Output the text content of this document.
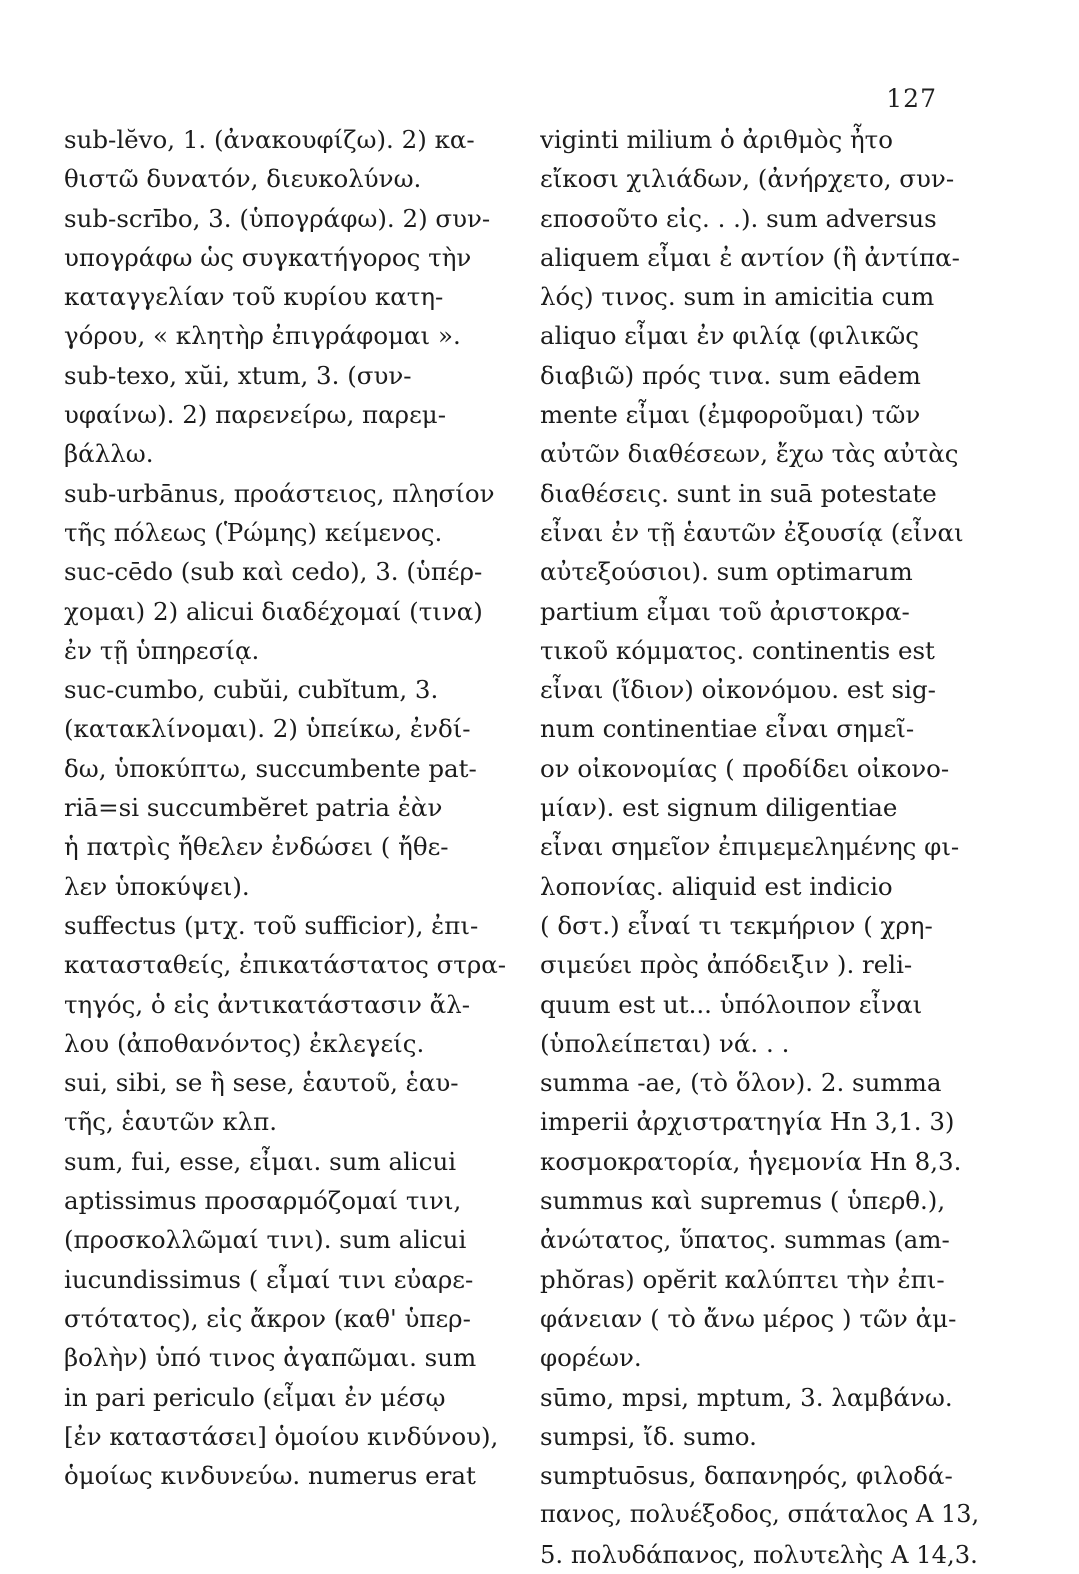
127

sub-lĕvo, 1. (ἀνακουφίζω). 2) κα-

θιστῶ δυνατόν, διευκολύνω.

sub-scrībo, 3. (ὑπογράφω). 2) συν-

υπογράφω ὡς συγκατήγορος τὴν

καταγγελίαν τοῦ κυρίου κατη-

γόρου, « κλητὴρ ἐπιγράφομαι ».

sub-texo, xŭi, xtum, 3. (συν-

υφαίνω). 2) παρενείρω, παρεμ-

βάλλω.

sub-urbānus, προάστειος, πλησίον

τῆς πόλεως (Ῥώμης) κείμενος.

suc-cēdo (sub καὶ cedo), 3. (ὑπέρ-

χομαι) 2) alicui διαδέχομαί (τινα)

ἐν τῇ ὑπηρεσίᾳ.

suc-cumbo, cubŭi, cubĭtum, 3.

(κατακλίνομαι). 2) ὑπείκω, ἐνδί-

δω, ὑποκύπτω, succumbente pat-

riā=si succumbĕret patria ἐὰν

ἡ πατρὶς ἤθελεν ἐνδώσει ( ἤθε-

λεν ὑποκύψει).

suffectus (μτχ. τοῦ sufficior), ἐπι-

κατασταθείς, ἐπικατάστατος στρα-

τηγός, ὁ εἰς ἀντικατάστασιν ἄλ-

λου (ἀποθανόντος) ἐκλεγείς.

sui, sibi, se ἢ sese, ἑαυτοῦ, ἑαυ-

τῆς, ἑαυτῶν κλπ.

sum, fui, esse, εἶμαι. sum alicui

aptissimus προσαρμόζομαί τινι,

(προσκολλῶμαί τινι). sum alicui

iucundissimus ( εἶμαί τινι εὐαρε-

στότατος), εἰς ἄκρον (καθ' ὑπερ-

βολὴν) ὑπό τινος ἀγαπῶμαι. sum

in pari periculo (εἶμαι ἐν μέσῳ

[ἐν καταστάσει] ὁμοίου κινδύνου),

ὁμοίως κινδυνεύω. numerus erat

viginti milium ὁ ἀριθμὸς ἦτο

εἴκοσι χιλιάδων, (ἀνήρχετο, συν-

εποσοῦτο εἰς. . .). sum adversus

aliquem εἶμαι ἐ αντίον (ἢ ἀντίπα-

λός) τινος. sum in amicitia cum

aliquo εἶμαι ἐν φιλίᾳ (φιλικῶς

διαβιῶ) πρός τινα. sum eādem

mente εἶμαι (ἐμφοροῦμαι) τῶν

αὐτῶν διαθέσεων, ἔχω τὰς αὐτὰς

διαθέσεις. sunt in suā potestate

εἶναι ἐν τῇ ἑαυτῶν ἐξουσίᾳ (εἶναι

αὐτεξούσιοι). sum optimarum

partium εἶμαι τοῦ ἀριστοκρα-

τικοῦ κόμματος. continentis est

εἶναι (ἴδιον) οἰκονόμου. est sig-

num continentiae εἶναι σημεῖ-

ον οἰκονομίας ( προδίδει οἰκονο-

μίαν). est signum diligentiae

εἶναι σημεῖον ἐπιμεμελημένης φι-

λοπονίας. aliquid est indicio

( δστ.) εἶναί τι τεκμήριον ( χρη-

σιμεύει πρὸς ἀπόδειξιν ). reli-

quum est ut... ὑπόλοιπον εἶναι

(ὑπολείπεται) νά. . .

summa -ae, (τὸ ὅλον). 2. summa

imperii ἀρχιστρατηγία Hn 3,1. 3)

κοσμοκρατορία, ἡγεμονία Hn 8,3.

summus καὶ supremus ( ὑπερθ.),

ἀνώτατος, ὕπατος. summas (am-

phŏras) opĕrit καλύπτει τὴν ἐπι-

φάνειαν ( τὸ ἄνω μέρος ) τῶν ἀμ-

φορέων.

sūmo, mpsi, mptum, 3. λαμβάνω.

sumpsi, ἴδ. sumo.

sumptuōsus, δαπανηρός, φιλοδά-

πανος, πολυέξοδος, σπάταλος Α 13,

5. πολυδάπανος, πολυτελὴς Α 14,3.
